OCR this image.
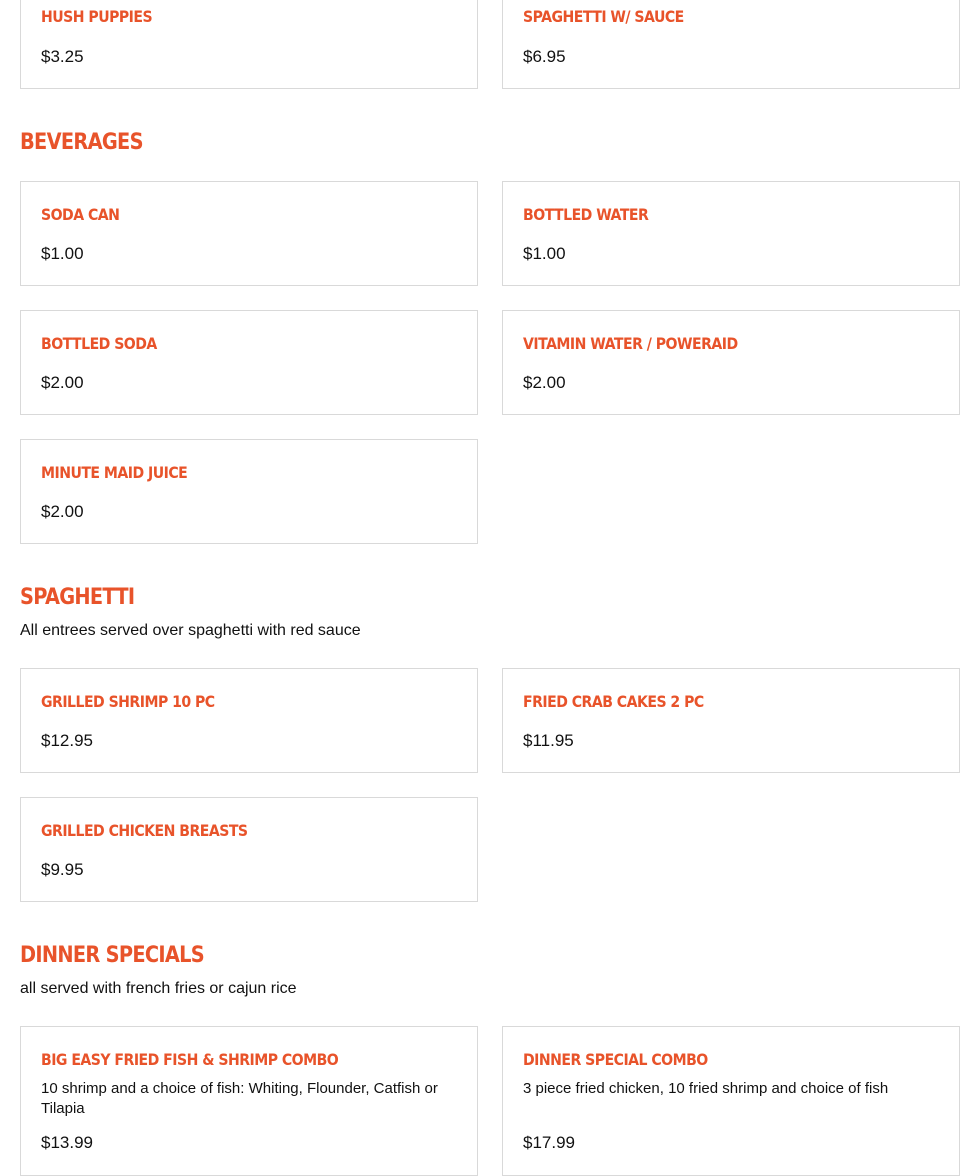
HUSH PUPPIES
$3.25
SPAGHETTI W/ SAUCE
$6.95
BEVERAGES
SODA CAN
$1.00
BOTTLED WATER
$1.00
BOTTLED SODA
$2.00
VITAMIN WATER / POWERAID
$2.00
MINUTE MAID JUICE
$2.00
SPAGHETTI
All entrees served over spaghetti with red sauce
GRILLED SHRIMP 10 PC
$12.95
FRIED CRAB CAKES 2 PC
$11.95
GRILLED CHICKEN BREASTS
$9.95
DINNER SPECIALS
all served with french fries or cajun rice
BIG EASY FRIED FISH & SHRIMP COMBO
10 shrimp and a choice of fish: Whiting, Flounder, Catfish or Tilapia
$13.99
DINNER SPECIAL COMBO
3 piece fried chicken, 10 fried shrimp and choice of fish
$17.99
